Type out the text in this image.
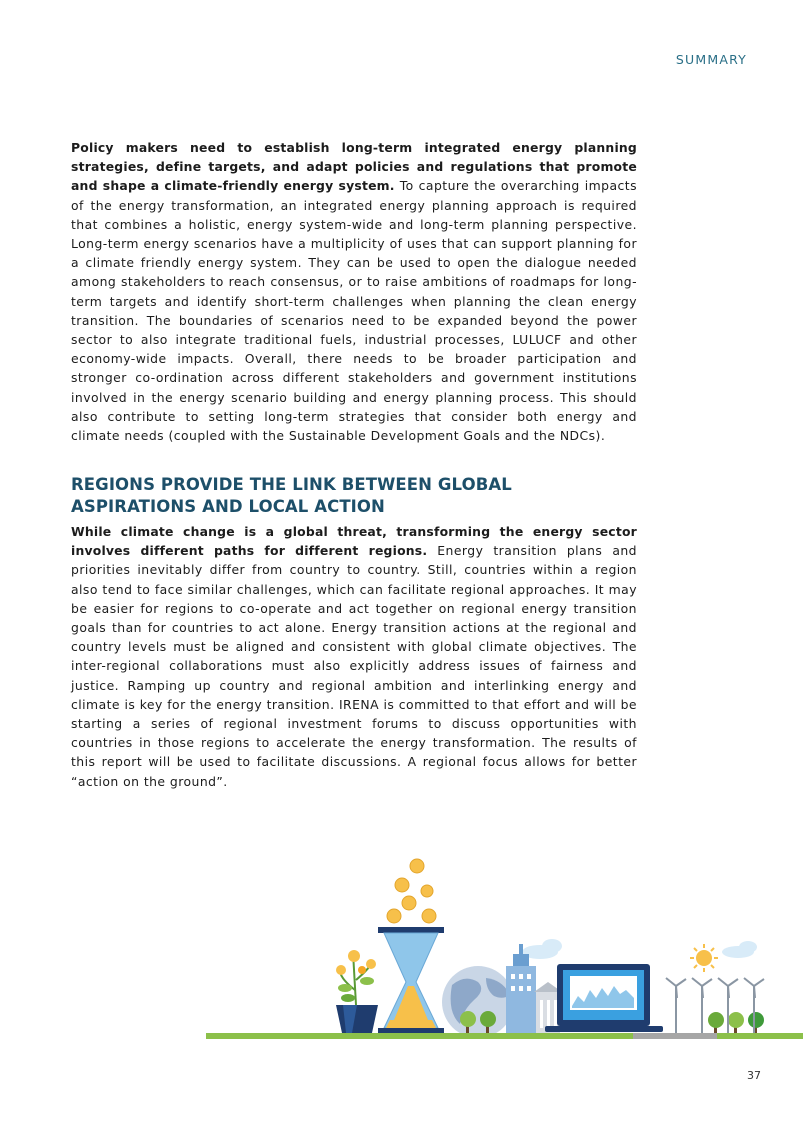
SUMMARY

Policy makers need to establish long-term integrated energy planning strategies, define targets, and adapt policies and regulations that promote and shape a climate-friendly energy system. To capture the overarching impacts of the energy transformation, an integrated energy planning approach is required that combines a holistic, energy system-wide and long-term planning perspective. Long-term energy scenarios have a multiplicity of uses that can support planning for a climate friendly energy system. They can be used to open the dialogue needed among stakeholders to reach consensus, or to raise ambitions of roadmaps for long-term targets and identify short-term challenges when planning the clean energy transition. The boundaries of scenarios need to be expanded beyond the power sector to also integrate traditional fuels, industrial processes, LULUCF and other economy-wide impacts. Overall, there needs to be broader participation and stronger co-ordination across different stakeholders and government institutions involved in the energy scenario building and energy planning process. This should also contribute to setting long-term strategies that consider both energy and climate needs (coupled with the Sustainable Development Goals and the NDCs).

REGIONS PROVIDE THE LINK BETWEEN GLOBAL
ASPIRATIONS AND LOCAL ACTION

While climate change is a global threat, transforming the energy sector involves different paths for different regions. Energy transition plans and priorities inevitably differ from country to country. Still, countries within a region also tend to face similar challenges, which can facilitate regional approaches. It may be easier for regions to co-operate and act together on regional energy transition goals than for countries to act alone. Energy transition actions at the regional and country levels must be aligned and consistent with global climate objectives. The inter-regional collaborations must also explicitly address issues of fairness and justice. Ramping up country and regional ambition and interlinking energy and climate is key for the energy transition. IRENA is committed to that effort and will be starting a series of regional investment forums to discuss opportunities with countries in those regions to accelerate the energy transformation. The results of this report will be used to facilitate discussions. A regional focus allows for better “action on the ground”.

37
